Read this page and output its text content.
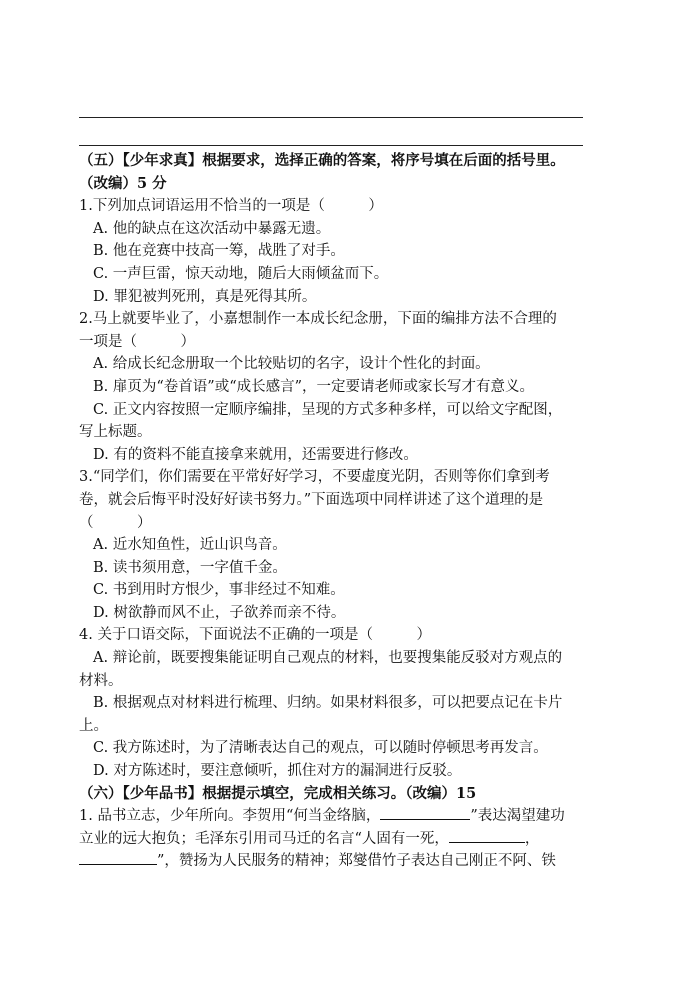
（五）【少年求真】根据要求，选择正确的答案，将序号填在后面的括号里。
（改编）5 分
1.下列加点词语运用不恰当的一项是（　　　）
A. 他的缺点在这次活动中暴露无遗。
B. 他在竞赛中技高一筹，战胜了对手。
C. 一声巨雷，惊天动地，随后大雨倾盆而下。
D. 罪犯被判死刑，真是死得其所。
2.马上就要毕业了，小嘉想制作一本成长纪念册，下面的编排方法不合理的
一项是（　　　）
A. 给成长纪念册取一个比较贴切的名字，设计个性化的封面。
B. 扉页为“卷首语”或“成长感言”，一定要请老师或家长写才有意义。
C. 正文内容按照一定顺序编排，呈现的方式多种多样，可以给文字配图，
写上标题。
D. 有的资料不能直接拿来就用，还需要进行修改。
3.“同学们，你们需要在平常好好学习，不要虚度光阴，否则等你们拿到考
卷，就会后悔平时没好好读书努力。”下面选项中同样讲述了这个道理的是
（　　　）
A. 近水知鱼性，近山识鸟音。
B. 读书须用意，一字值千金。
C. 书到用时方恨少，事非经过不知难。
D. 树欲静而风不止，子欲养而亲不待。
4. 关于口语交际，下面说法不正确的一项是（　　　）
A. 辩论前，既要搜集能证明自己观点的材料，也要搜集能反驳对方观点的
材料。
B. 根据观点对材料进行梳理、归纳。如果材料很多，可以把要点记在卡片
上。
C. 我方陈述时，为了清晰表达自己的观点，可以随时停顿思考再发言。
D. 对方陈述时，要注意倾听，抓住对方的漏洞进行反驳。
（六）【少年品书】根据提示填空，完成相关练习。（改编）15
1. 品书立志，少年所向。李贺用“何当金络脑，	”表达渴望建功
立业的远大抱负；毛泽东引用司马迁的名言“人固有一死，	，
”，赞扬为人民服务的精神；郑燮借竹子表达自己刚正不阿、铁
